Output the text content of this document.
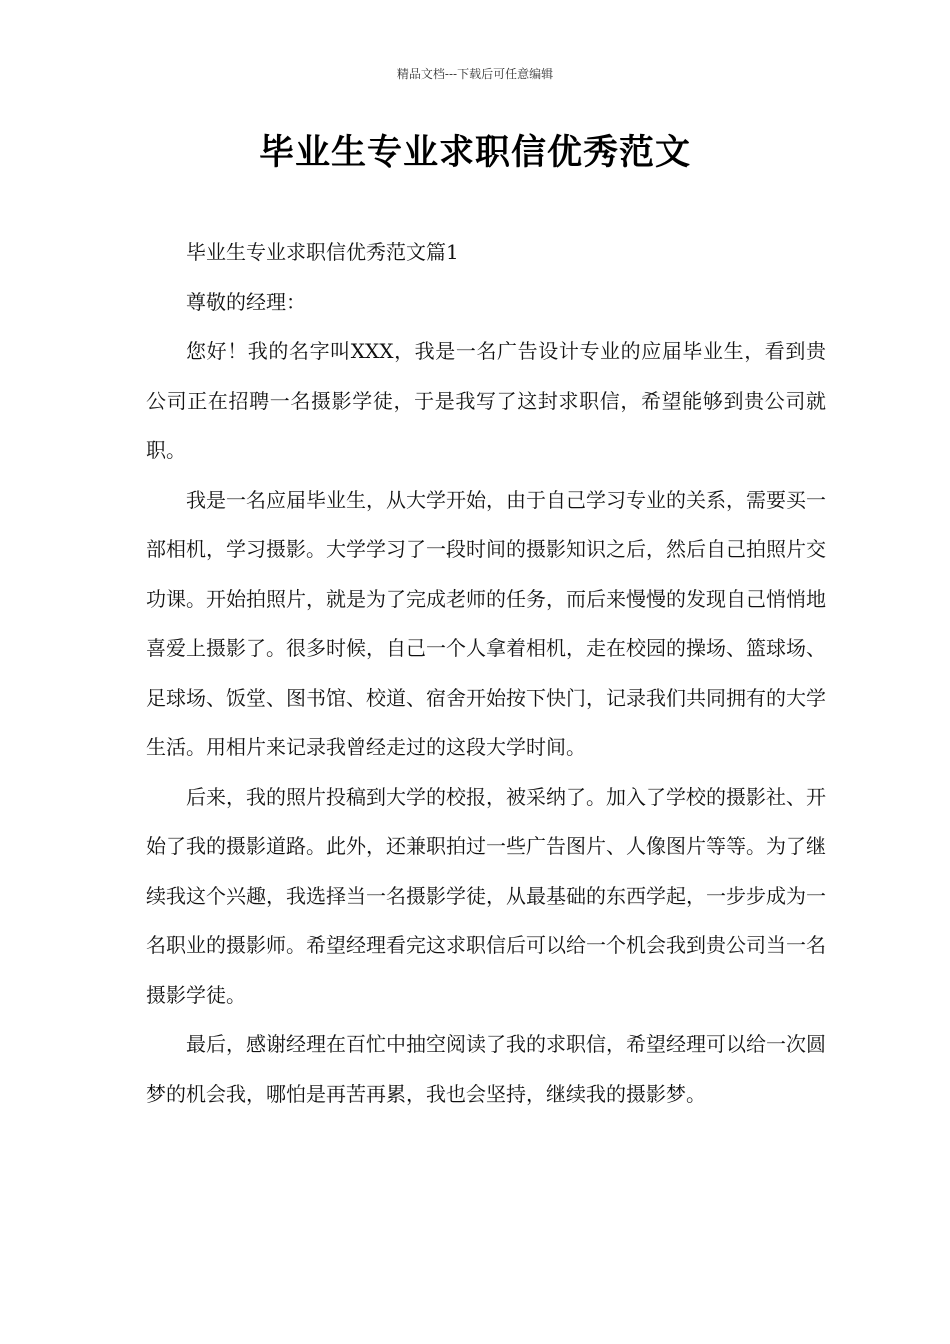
精品文档---下载后可任意编辑
毕业生专业求职信优秀范文

毕业生专业求职信优秀范文篇1

尊敬的经理：

您好！我的名字叫XXX，我是一名广告设计专业的应届毕业生，看到贵公司正在招聘一名摄影学徒，于是我写了这封求职信，希望能够到贵公司就职。

我是一名应届毕业生，从大学开始，由于自己学习专业的关系，需要买一部相机，学习摄影。大学学习了一段时间的摄影知识之后，然后自己拍照片交功课。开始拍照片，就是为了完成老师的任务，而后来慢慢的发现自己悄悄地喜爱上摄影了。很多时候，自己一个人拿着相机，走在校园的操场、篮球场、足球场、饭堂、图书馆、校道、宿舍开始按下快门，记录我们共同拥有的大学生活。用相片来记录我曾经走过的这段大学时间。

后来，我的照片投稿到大学的校报，被采纳了。加入了学校的摄影社、开始了我的摄影道路。此外，还兼职拍过一些广告图片、人像图片等等。为了继续我这个兴趣，我选择当一名摄影学徒，从最基础的东西学起，一步步成为一名职业的摄影师。希望经理看完这求职信后可以给一个机会我到贵公司当一名摄影学徒。

最后，感谢经理在百忙中抽空阅读了我的求职信，希望经理可以给一次圆梦的机会我，哪怕是再苦再累，我也会坚持，继续我的摄影梦。
